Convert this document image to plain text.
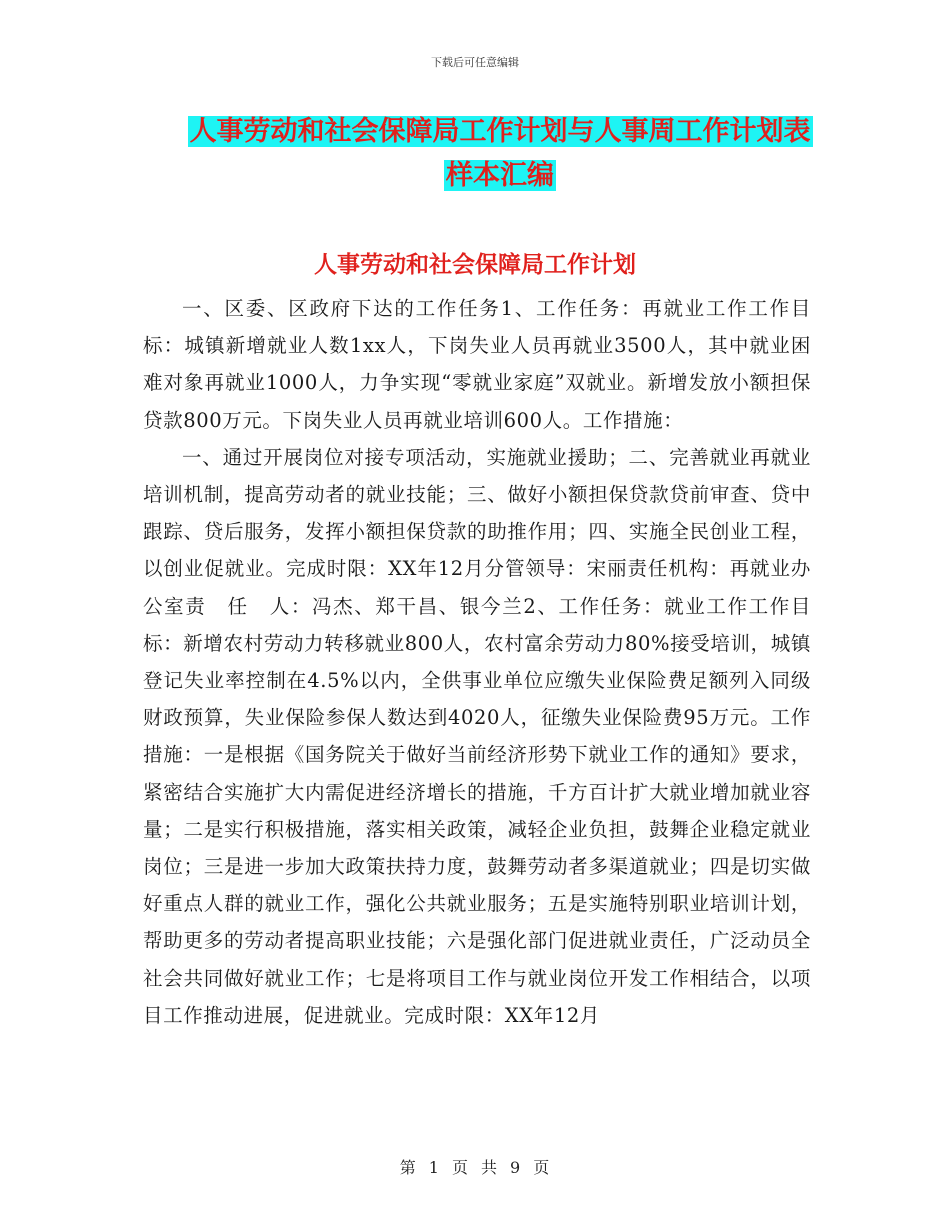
下载后可任意编辑
人事劳动和社会保障局工作计划与人事周工作计划表
样本汇编
人事劳动和社会保障局工作计划

一、区委、区政府下达的工作任务1、工作任务：再就业工作工作目标：城镇新增就业人数1xx人，下岗失业人员再就业3500人，其中就业困难对象再就业1000人，力争实现“零就业家庭”双就业。新增发放小额担保贷款800万元。下岗失业人员再就业培训600人。工作措施：

一、通过开展岗位对接专项活动，实施就业援助；二、完善就业再就业培训机制，提高劳动者的就业技能；三、做好小额担保贷款贷前审查、贷中跟踪、贷后服务，发挥小额担保贷款的助推作用；四、实施全民创业工程，以创业促就业。完成时限：XX年12月分管领导：宋丽责任机构：再就业办公室责　任　人：冯杰、郑干昌、银今兰2、工作任务：就业工作工作目标：新增农村劳动力转移就业800人，农村富余劳动力80%接受培训，城镇登记失业率控制在4.5%以内，全供事业单位应缴失业保险费足额列入同级财政预算，失业保险参保人数达到4020人，征缴失业保险费95万元。工作措施：一是根据《国务院关于做好当前经济形势下就业工作的通知》要求，紧密结合实施扩大内需促进经济增长的措施，千方百计扩大就业增加就业容量；二是实行积极措施，落实相关政策，减轻企业负担，鼓舞企业稳定就业岗位；三是进一步加大政策扶持力度，鼓舞劳动者多渠道就业；四是切实做好重点人群的就业工作，强化公共就业服务；五是实施特别职业培训计划，帮助更多的劳动者提高职业技能；六是强化部门促进就业责任，广泛动员全社会共同做好就业工作；七是将项目工作与就业岗位开发工作相结合，以项目工作推动进展，促进就业。完成时限：XX年12月

第 1 页 共 9 页
